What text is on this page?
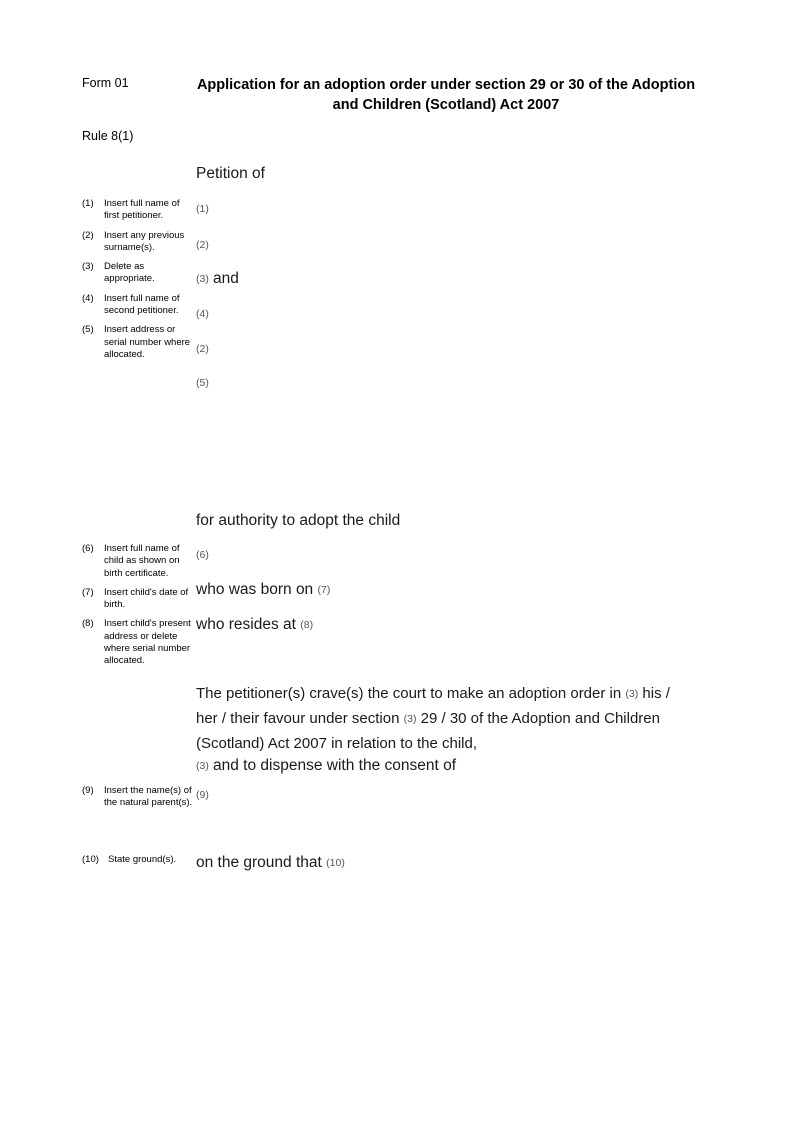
Form 01	Application for an adoption order under section 29 or 30 of the Adoption and Children (Scotland) Act 2007
Rule 8(1)
(1)	Insert full name of first petitioner.
(2)	Insert any previous surname(s).
(3)	Delete as appropriate.
(4)	Insert full name of second petitioner.
(5)	Insert address or serial number where allocated.
(6)	Insert full name of child as shown on birth certificate.
(7)	Insert child's date of birth.
(8)	Insert child's present address or delete where serial number allocated.
(9)	Insert the name(s) of the natural parent(s).
(10) State ground(s).
Petition of
(1)
(2)
(3) and
(4)
(2)
(5)
for authority to adopt the child
(6)
who was born on (7)
who resides at (8)
The petitioner(s) crave(s) the court to make an adoption order in (3) his / her / their favour under section (3) 29 / 30 of the Adoption and Children (Scotland) Act 2007 in relation to the child,
(3) and to dispense with the consent of
(9)
on the ground that (10)
